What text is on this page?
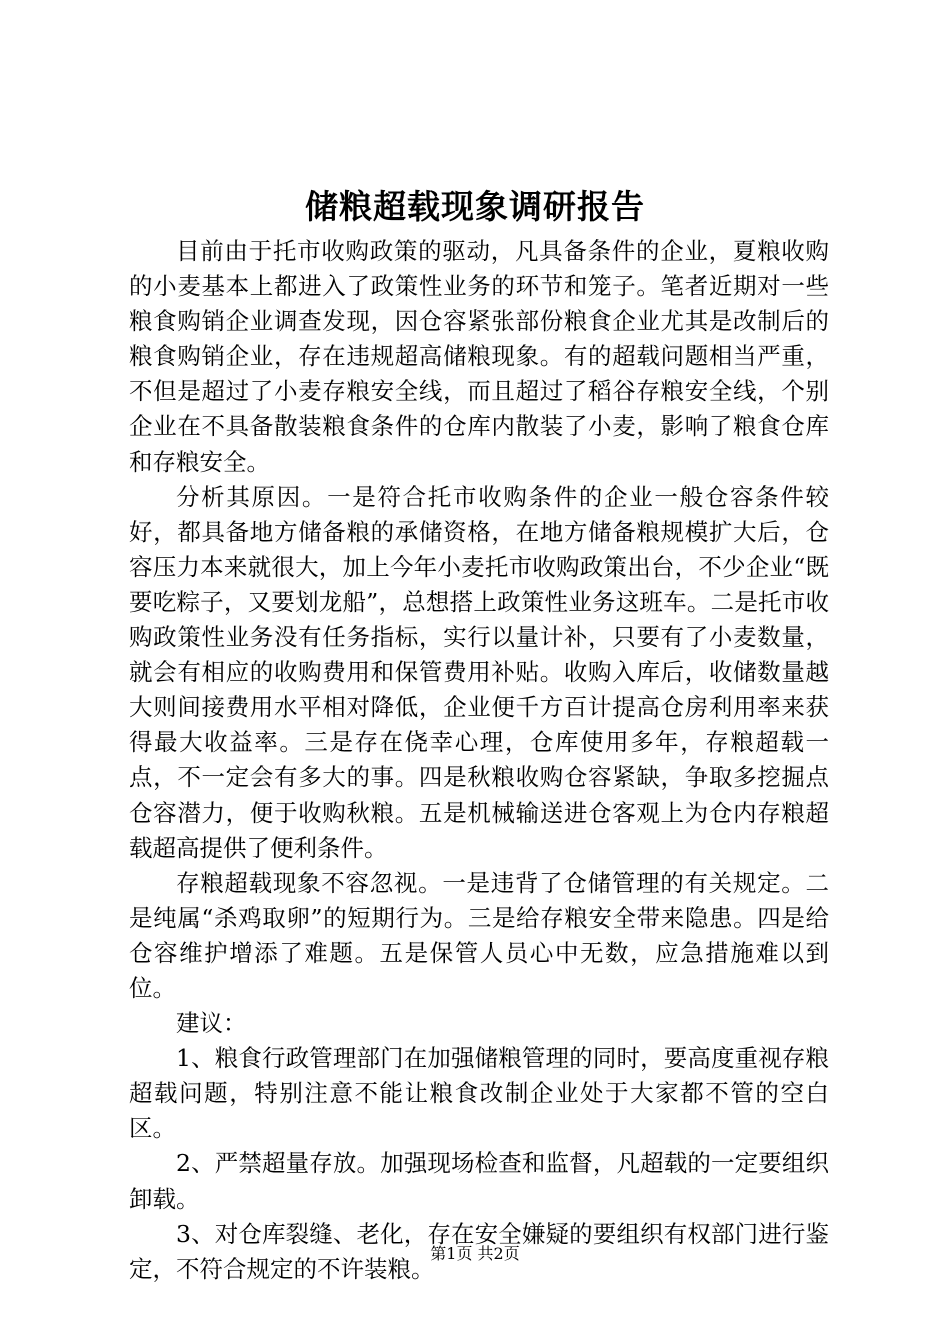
储粮超载现象调研报告

目前由于托市收购政策的驱动，凡具备条件的企业，夏粮收购的小麦基本上都进入了政策性业务的环节和笼子。笔者近期对一些粮食购销企业调查发现，因仓容紧张部份粮食企业尤其是改制后的粮食购销企业，存在违规超高储粮现象。有的超载问题相当严重，不但是超过了小麦存粮安全线，而且超过了稻谷存粮安全线，个别企业在不具备散装粮食条件的仓库内散装了小麦，影响了粮食仓库和存粮安全。

分析其原因。一是符合托市收购条件的企业一般仓容条件较好，都具备地方储备粮的承储资格，在地方储备粮规模扩大后，仓容压力本来就很大，加上今年小麦托市收购政策出台，不少企业“既要吃粽子，又要划龙船”，总想搭上政策性业务这班车。二是托市收购政策性业务没有任务指标，实行以量计补，只要有了小麦数量，就会有相应的收购费用和保管费用补贴。收购入库后，收储数量越大则间接费用水平相对降低，企业便千方百计提高仓房利用率来获得最大收益率。三是存在侥幸心理，仓库使用多年，存粮超载一点，不一定会有多大的事。四是秋粮收购仓容紧缺，争取多挖掘点仓容潜力，便于收购秋粮。五是机械输送进仓客观上为仓内存粮超载超高提供了便利条件。

存粮超载现象不容忽视。一是违背了仓储管理的有关规定。二是纯属“杀鸡取卵”的短期行为。三是给存粮安全带来隐患。四是给仓容维护增添了难题。五是保管人员心中无数，应急措施难以到位。

建议：

1、粮食行政管理部门在加强储粮管理的同时，要高度重视存粮超载问题，特别注意不能让粮食改制企业处于大家都不管的空白区。

2、严禁超量存放。加强现场检查和监督，凡超载的一定要组织卸载。

3、对仓库裂缝、老化，存在安全嫌疑的要组织有权部门进行鉴定，不符合规定的不许装粮。

第1页 共2页
